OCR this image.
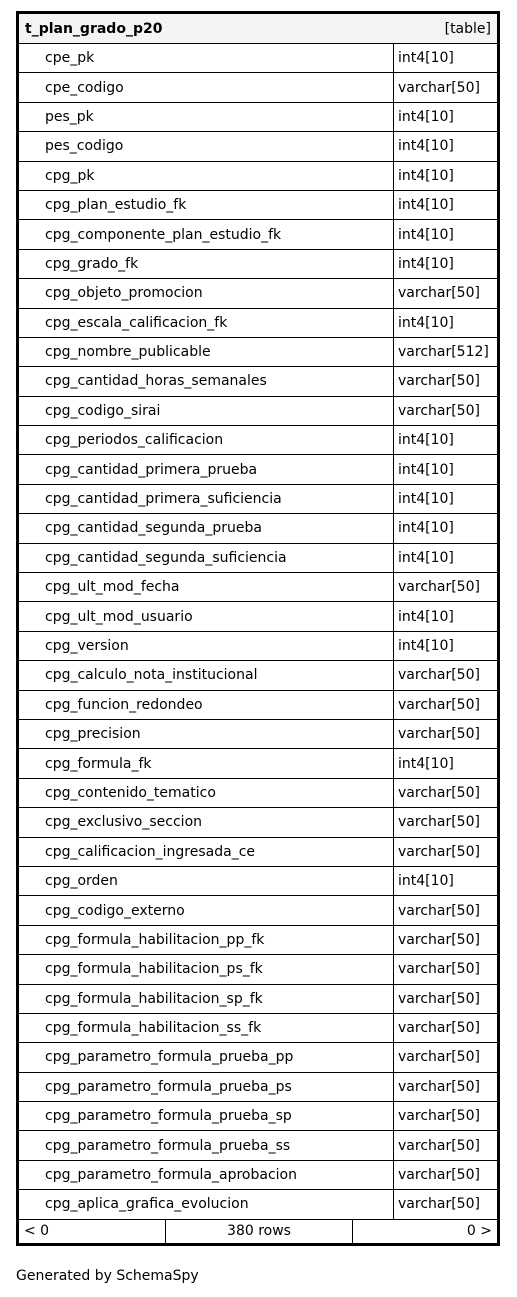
t_plan_grado_p20	[table]
cpe_pk	int4[10]
cpe_codigo	varchar[50]
pes_pk	int4[10]
pes_codigo	int4[10]
cpg_pk	int4[10]
cpg_plan_estudio_fk	int4[10]
cpg_componente_plan_estudio_fk	int4[10]
cpg_grado_fk	int4[10]
cpg_objeto_promocion	varchar[50]
cpg_escala_calificacion_fk	int4[10]
cpg_nombre_publicable	varchar[512]
cpg_cantidad_horas_semanales	varchar[50]
cpg_codigo_sirai	varchar[50]
cpg_periodos_calificacion	int4[10]
cpg_cantidad_primera_prueba	int4[10]
cpg_cantidad_primera_suficiencia	int4[10]
cpg_cantidad_segunda_prueba	int4[10]
cpg_cantidad_segunda_suficiencia	int4[10]
cpg_ult_mod_fecha	varchar[50]
cpg_ult_mod_usuario	int4[10]
cpg_version	int4[10]
cpg_calculo_nota_institucional	varchar[50]
cpg_funcion_redondeo	varchar[50]
cpg_precision	varchar[50]
cpg_formula_fk	int4[10]
cpg_contenido_tematico	varchar[50]
cpg_exclusivo_seccion	varchar[50]
cpg_calificacion_ingresada_ce	varchar[50]
cpg_orden	int4[10]
cpg_codigo_externo	varchar[50]
cpg_formula_habilitacion_pp_fk	varchar[50]
cpg_formula_habilitacion_ps_fk	varchar[50]
cpg_formula_habilitacion_sp_fk	varchar[50]
cpg_formula_habilitacion_ss_fk	varchar[50]
cpg_parametro_formula_prueba_pp	varchar[50]
cpg_parametro_formula_prueba_ps	varchar[50]
cpg_parametro_formula_prueba_sp	varchar[50]
cpg_parametro_formula_prueba_ss	varchar[50]
cpg_parametro_formula_aprobacion	varchar[50]
cpg_aplica_grafica_evolucion	varchar[50]
< 0	380 rows	0 >
Generated by SchemaSpy
